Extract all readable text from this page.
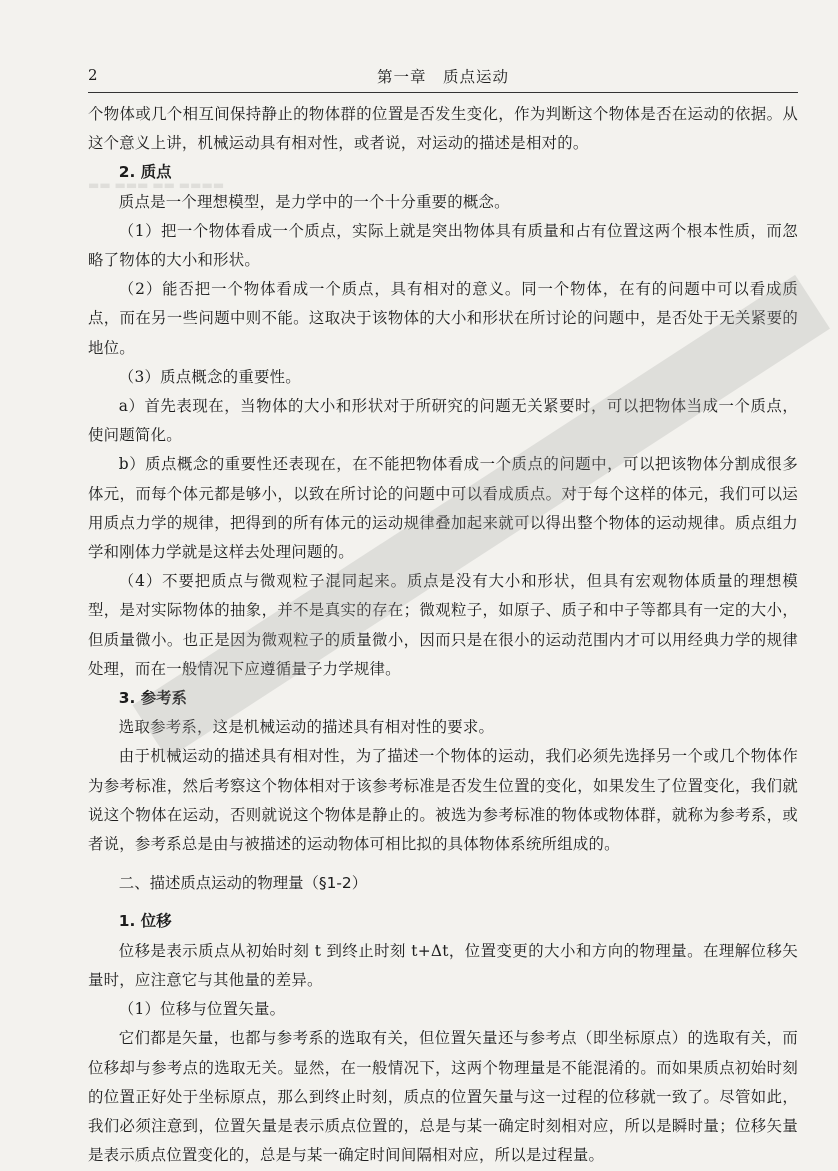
2	第一章　质点运动
▬▬ ▬▬▬ ▬▬ ▬▬▬▬

个物体或几个相互间保持静止的物体群的位置是否发生变化，作为判断这个物体是否在运动的依据。从这个意义上讲，机械运动具有相对性，或者说，对运动的描述是相对的。

2. 质点

质点是一个理想模型，是力学中的一个十分重要的概念。

（1）把一个物体看成一个质点，实际上就是突出物体具有质量和占有位置这两个根本性质，而忽略了物体的大小和形状。

（2）能否把一个物体看成一个质点，具有相对的意义。同一个物体，在有的问题中可以看成质点，而在另一些问题中则不能。这取决于该物体的大小和形状在所讨论的问题中，是否处于无关紧要的地位。

（3）质点概念的重要性。

a）首先表现在，当物体的大小和形状对于所研究的问题无关紧要时，可以把物体当成一个质点，使问题简化。

b）质点概念的重要性还表现在，在不能把物体看成一个质点的问题中，可以把该物体分割成很多体元，而每个体元都是够小，以致在所讨论的问题中可以看成质点。对于每个这样的体元，我们可以运用质点力学的规律，把得到的所有体元的运动规律叠加起来就可以得出整个物体的运动规律。质点组力学和刚体力学就是这样去处理问题的。

（4）不要把质点与微观粒子混同起来。质点是没有大小和形状，但具有宏观物体质量的理想模型，是对实际物体的抽象，并不是真实的存在；微观粒子，如原子、质子和中子等都具有一定的大小，但质量微小。也正是因为微观粒子的质量微小，因而只是在很小的运动范围内才可以用经典力学的规律处理，而在一般情况下应遵循量子力学规律。

3. 参考系

选取参考系，这是机械运动的描述具有相对性的要求。

由于机械运动的描述具有相对性，为了描述一个物体的运动，我们必须先选择另一个或几个物体作为参考标准，然后考察这个物体相对于该参考标准是否发生位置的变化，如果发生了位置变化，我们就说这个物体在运动，否则就说这个物体是静止的。被选为参考标准的物体或物体群，就称为参考系，或者说，参考系总是由与被描述的运动物体可相比拟的具体物体系统所组成的。

二、描述质点运动的物理量（§1-2）
1. 位移

位移是表示质点从初始时刻 t 到终止时刻 t+Δt，位置变更的大小和方向的物理量。在理解位移矢量时，应注意它与其他量的差异。

（1）位移与位置矢量。

它们都是矢量，也都与参考系的选取有关，但位置矢量还与参考点（即坐标原点）的选取有关，而位移却与参考点的选取无关。显然，在一般情况下，这两个物理量是不能混淆的。而如果质点初始时刻的位置正好处于坐标原点，那么到终止时刻，质点的位置矢量与这一过程的位移就一致了。尽管如此，我们必须注意到，位置矢量是表示质点位置的，总是与某一确定时刻相对应，所以是瞬时量；位移矢量是表示质点位置变化的，总是与某一确定时间间隔相对应，所以是过程量。
